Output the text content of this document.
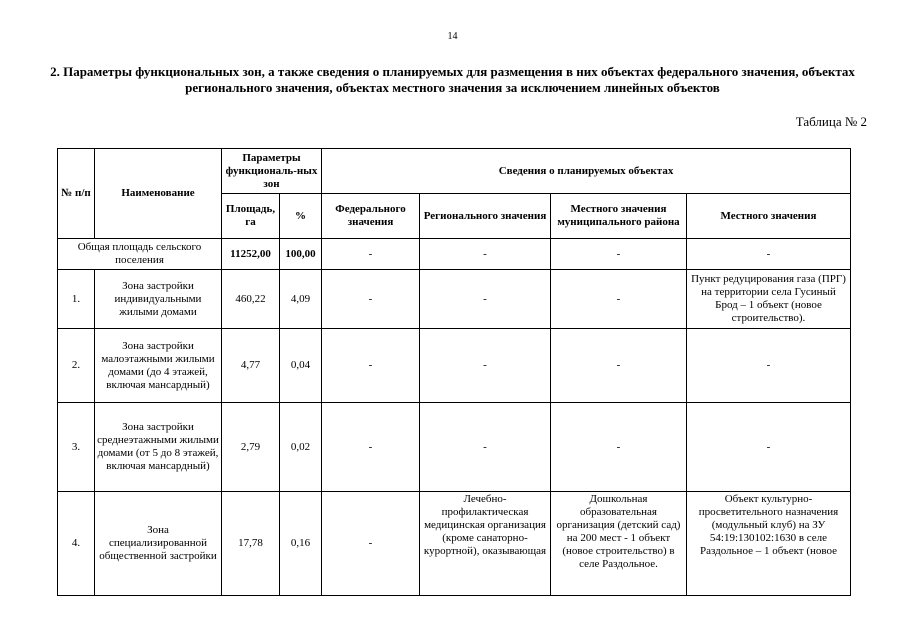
14
2. Параметры функциональных зон, а также сведения о планируемых для размещения в них объектах федерального значения, объектах регионального значения, объектах местного значения за исключением линейных объектов
Таблица № 2
№ п/п	Наименование	Параметры функциональ-ных зон		Сведения о планируемых объектах			
		Площадь, га	%	Федерального значения	Регионального значения	Местного значения муниципального района	Местного значения
Общая площадь сельского поселения		11252,00	100,00	-	-	-	-
1.	Зона застройки индивидуальными жилыми домами	460,22	4,09	-	-	-	Пункт редуцирования газа (ПРГ) на территории села Гусиный Брод – 1 объект (новое строительство).
2.	Зона застройки малоэтажными жилыми домами (до 4 этажей, включая мансардный)	4,77	0,04	-	-	-	-
3.	Зона застройки среднеэтажными жилыми домами (от 5 до 8 этажей, включая мансардный)	2,79	0,02	-	-	-	-
4.	Зона специализированной общественной застройки	17,78	0,16	-	Лечебно-профилактическая медицинская организация (кроме санаторно-курортной), оказывающая	Дошкольная образовательная организация (детский сад) на 200 мест - 1 объект (новое строительство) в селе Раздольное.	Объект культурно-просветительного назначения (модульный клуб) на ЗУ 54:19:130102:1630 в селе Раздольное – 1 объект (новое
